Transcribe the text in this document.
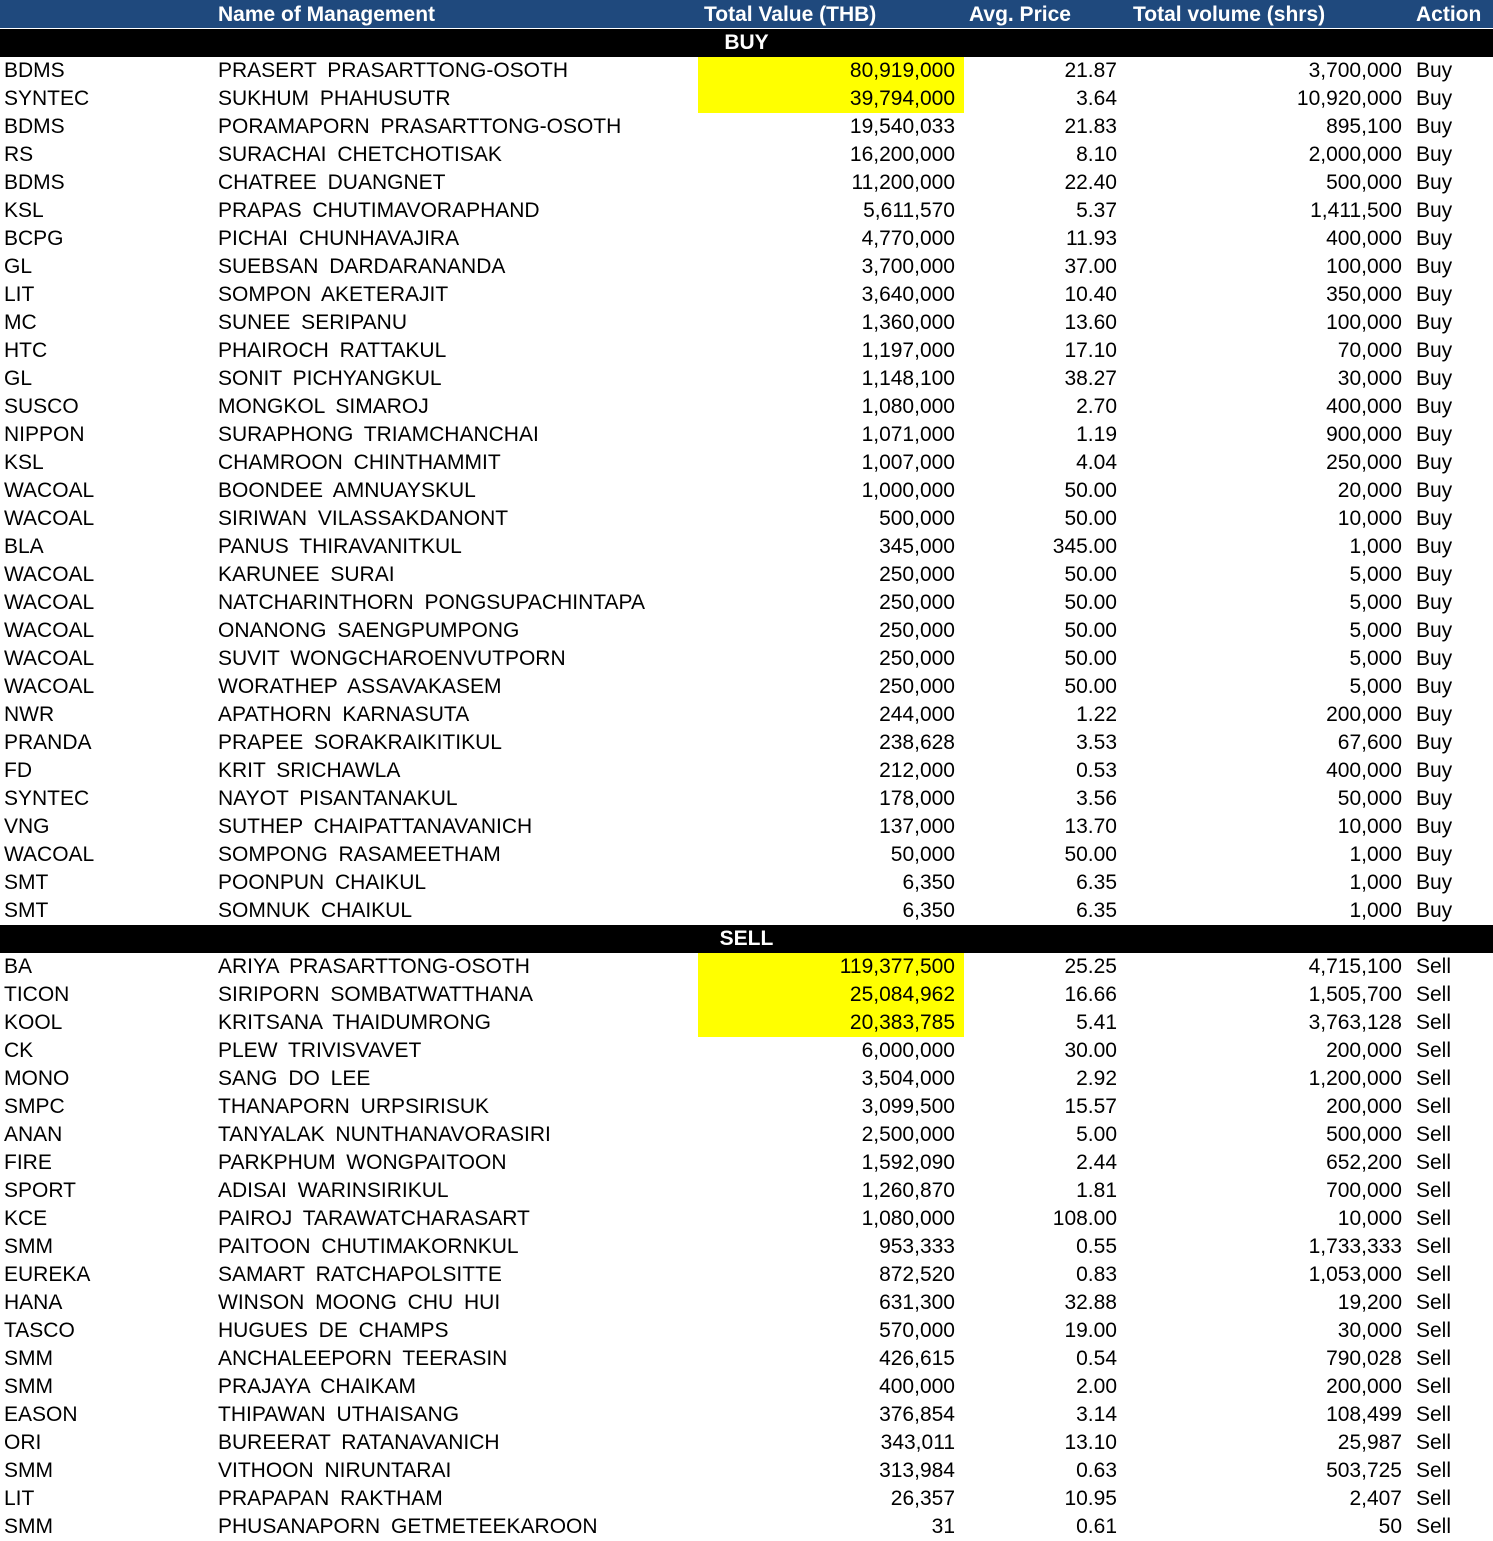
Name of Management	Total Value (THB)	Avg. Price	Total volume (shrs)	Action
BUY
BDMS	PRASERT PRASARTTONG-OSOTH	80,919,000	21.87	3,700,000 Buy
SYNTEC	SUKHUM PHAHUSUTR	39,794,000	3.64	10,920,000 Buy
BDMS	PORAMAPORN PRASARTTONG-OSOTH	19,540,033	21.83	895,100 Buy
RS	SURACHAI CHETCHOTISAK	16,200,000	8.10	2,000,000 Buy
BDMS	CHATREE DUANGNET	11,200,000	22.40	500,000 Buy
KSL	PRAPAS CHUTIMAVORAPHAND	5,611,570	5.37	1,411,500 Buy
BCPG	PICHAI CHUNHAVAJIRA	4,770,000	11.93	400,000 Buy
GL	SUEBSAN DARDARANANDA	3,700,000	37.00	100,000 Buy
LIT	SOMPON AKETERAJIT	3,640,000	10.40	350,000 Buy
MC	SUNEE SERIPANU	1,360,000	13.60	100,000 Buy
HTC	PHAIROCH RATTAKUL	1,197,000	17.10	70,000 Buy
GL	SONIT PICHYANGKUL	1,148,100	38.27	30,000 Buy
SUSCO	MONGKOL SIMAROJ	1,080,000	2.70	400,000 Buy
NIPPON	SURAPHONG TRIAMCHANCHAI	1,071,000	1.19	900,000 Buy
KSL	CHAMROON CHINTHAMMIT	1,007,000	4.04	250,000 Buy
WACOAL	BOONDEE AMNUAYSKUL	1,000,000	50.00	20,000 Buy
WACOAL	SIRIWAN VILASSAKDANONT	500,000	50.00	10,000 Buy
BLA	PANUS THIRAVANITKUL	345,000	345.00	1,000 Buy
WACOAL	KARUNEE SURAI	250,000	50.00	5,000 Buy
WACOAL	NATCHARINTHORN PONGSUPACHINTAPA	250,000	50.00	5,000 Buy
WACOAL	ONANONG SAENGPUMPONG	250,000	50.00	5,000 Buy
WACOAL	SUVIT WONGCHAROENVUTPORN	250,000	50.00	5,000 Buy
WACOAL	WORATHEP ASSAVAKASEM	250,000	50.00	5,000 Buy
NWR	APATHORN KARNASUTA	244,000	1.22	200,000 Buy
PRANDA	PRAPEE SORAKRAIKITIKUL	238,628	3.53	67,600 Buy
FD	KRIT SRICHAWLA	212,000	0.53	400,000 Buy
SYNTEC	NAYOT PISANTANAKUL	178,000	3.56	50,000 Buy
VNG	SUTHEP CHAIPATTANAVANICH	137,000	13.70	10,000 Buy
WACOAL	SOMPONG RASAMEETHAM	50,000	50.00	1,000 Buy
SMT	POONPUN CHAIKUL	6,350	6.35	1,000 Buy
SMT	SOMNUK CHAIKUL	6,350	6.35	1,000 Buy
SELL
BA	ARIYA PRASARTTONG-OSOTH	119,377,500	25.25	4,715,100 Sell
TICON	SIRIPORN SOMBATWATTHANA	25,084,962	16.66	1,505,700 Sell
KOOL	KRITSANA THAIDUMRONG	20,383,785	5.41	3,763,128 Sell
CK	PLEW TRIVISVAVET	6,000,000	30.00	200,000 Sell
MONO	SANG DO LEE	3,504,000	2.92	1,200,000 Sell
SMPC	THANAPORN URPSIRISUK	3,099,500	15.57	200,000 Sell
ANAN	TANYALAK NUNTHANAVORASIRI	2,500,000	5.00	500,000 Sell
FIRE	PARKPHUM WONGPAITOON	1,592,090	2.44	652,200 Sell
SPORT	ADISAI WARINSIRIKUL	1,260,870	1.81	700,000 Sell
KCE	PAIROJ TARAWATCHARASART	1,080,000	108.00	10,000 Sell
SMM	PAITOON CHUTIMAKORNKUL	953,333	0.55	1,733,333 Sell
EUREKA	SAMART RATCHAPOLSITTE	872,520	0.83	1,053,000 Sell
HANA	WINSON MOONG CHU HUI	631,300	32.88	19,200 Sell
TASCO	HUGUES DE CHAMPS	570,000	19.00	30,000 Sell
SMM	ANCHALEEPORN TEERASIN	426,615	0.54	790,028 Sell
SMM	PRAJAYA CHAIKAM	400,000	2.00	200,000 Sell
EASON	THIPAWAN UTHAISANG	376,854	3.14	108,499 Sell
ORI	BUREERAT RATANAVANICH	343,011	13.10	25,987 Sell
SMM	VITHOON NIRUNTARAI	313,984	0.63	503,725 Sell
LIT	PRAPAPAN RAKTHAM	26,357	10.95	2,407 Sell
SMM	PHUSANAPORN GETMETEEKAROON	31	0.61	50 Sell
